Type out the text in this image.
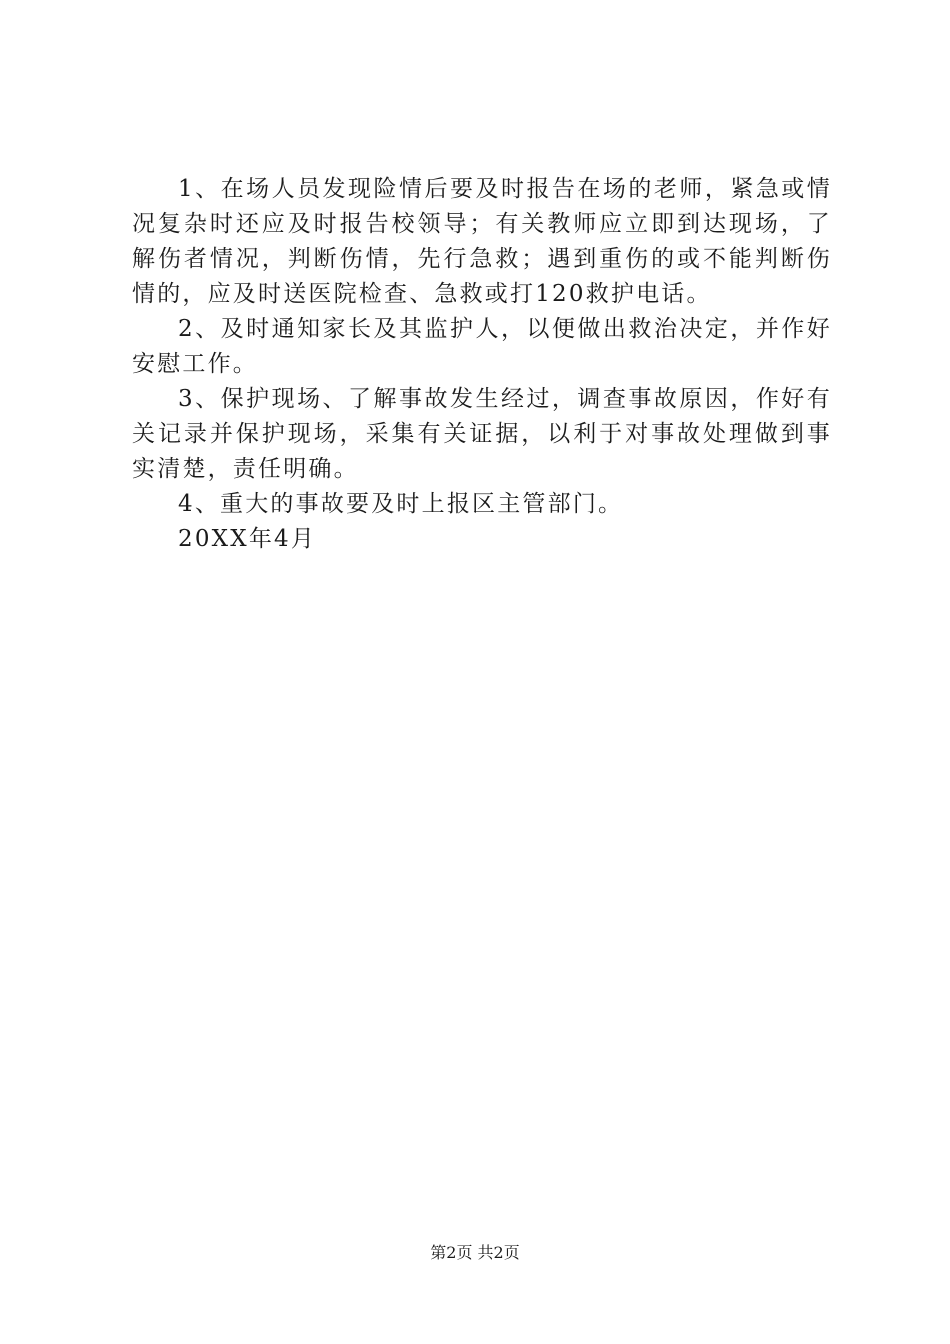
1、在场人员发现险情后要及时报告在场的老师，紧急或情况复杂时还应及时报告校领导；有关教师应立即到达现场，了解伤者情况，判断伤情，先行急救；遇到重伤的或不能判断伤情的，应及时送医院检查、急救或打120救护电话。

2、及时通知家长及其监护人，以便做出救治决定，并作好安慰工作。

3、保护现场、了解事故发生经过，调查事故原因，作好有关记录并保护现场，采集有关证据，以利于对事故处理做到事实清楚，责任明确。

4、重大的事故要及时上报区主管部门。

20XX年4月

第2页 共2页
